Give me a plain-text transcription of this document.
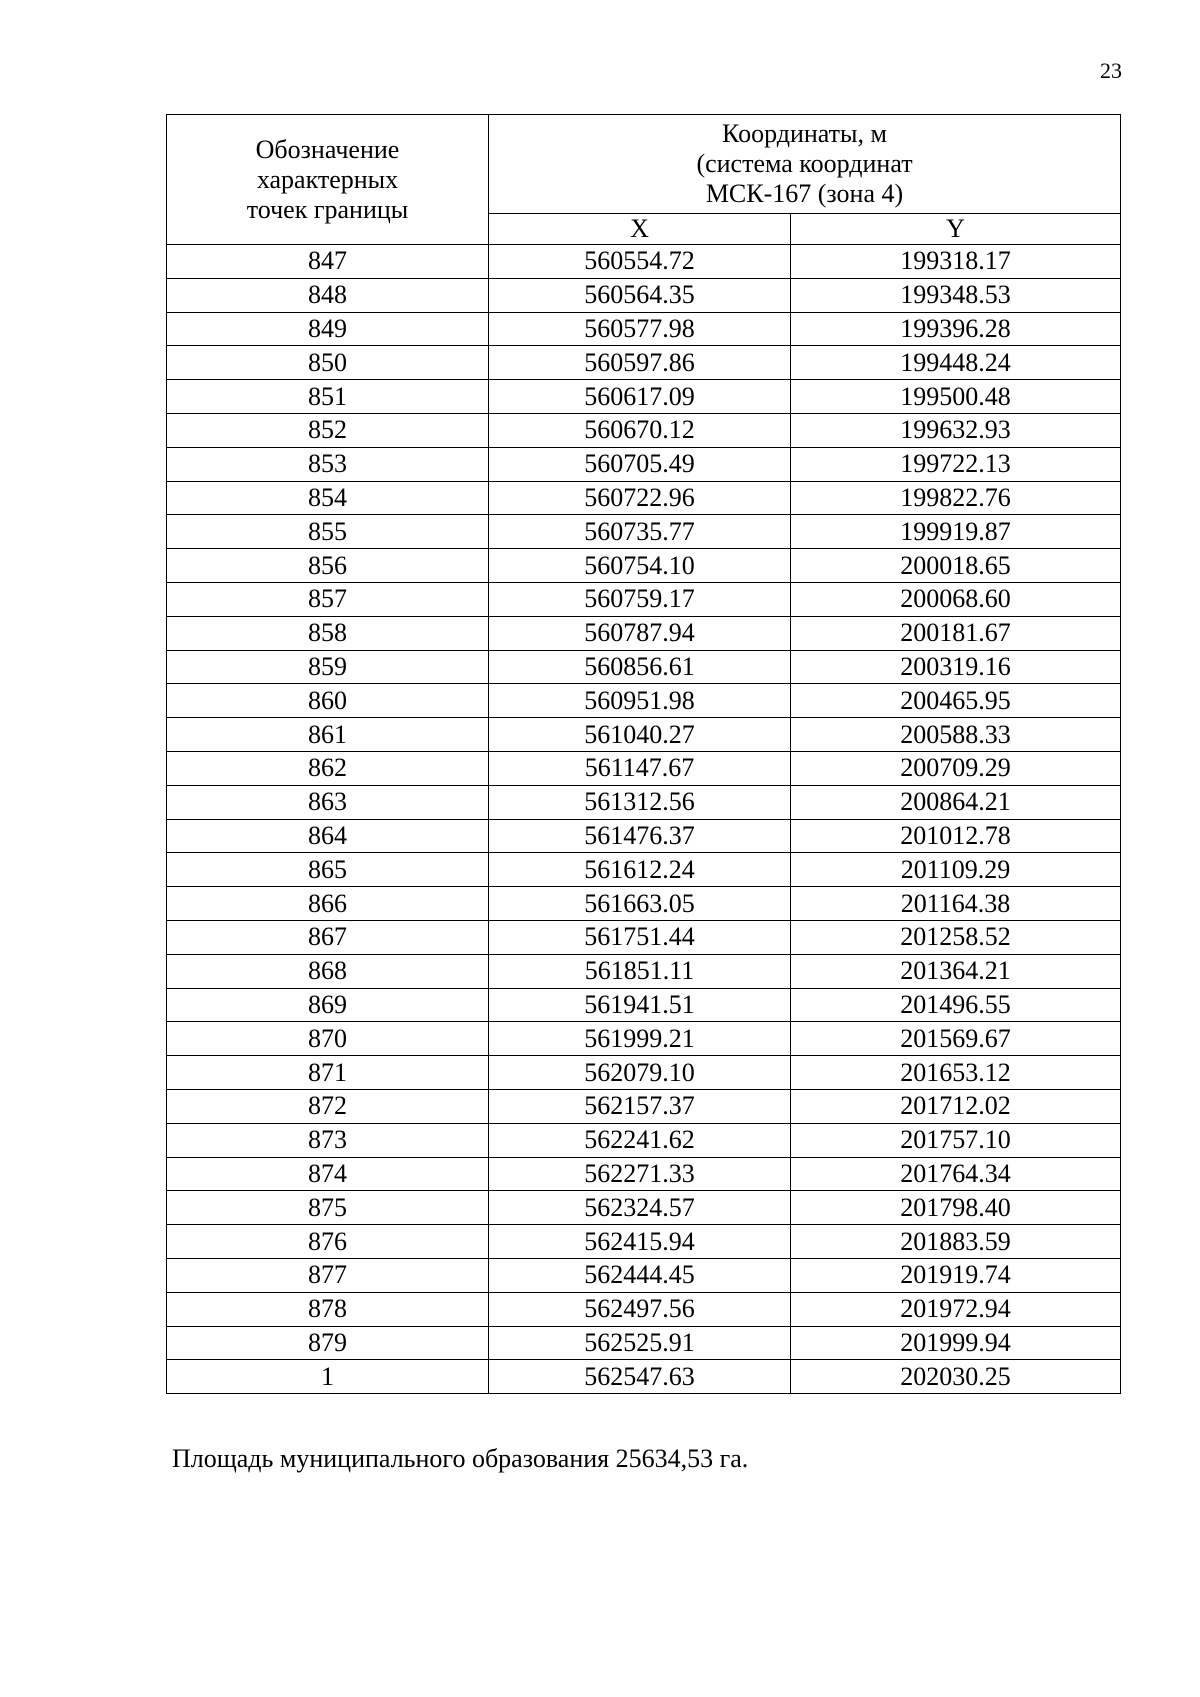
23
Обозначение характерных точек границы	Координаты, м
(система координат
МСК-167 (зона 4)	

	X	Y
847	560554.72	199318.17
848	560564.35	199348.53
849	560577.98	199396.28
850	560597.86	199448.24
851	560617.09	199500.48
852	560670.12	199632.93
853	560705.49	199722.13
854	560722.96	199822.76
855	560735.77	199919.87
856	560754.10	200018.65
857	560759.17	200068.60
858	560787.94	200181.67
859	560856.61	200319.16
860	560951.98	200465.95
861	561040.27	200588.33
862	561147.67	200709.29
863	561312.56	200864.21
864	561476.37	201012.78
865	561612.24	201109.29
866	561663.05	201164.38
867	561751.44	201258.52
868	561851.11	201364.21
869	561941.51	201496.55
870	561999.21	201569.67
871	562079.10	201653.12
872	562157.37	201712.02
873	562241.62	201757.10
874	562271.33	201764.34
875	562324.57	201798.40
876	562415.94	201883.59
877	562444.45	201919.74
878	562497.56	201972.94
879	562525.91	201999.94
1	562547.63	202030.25
Площадь муниципального образования 25634,53 га.
